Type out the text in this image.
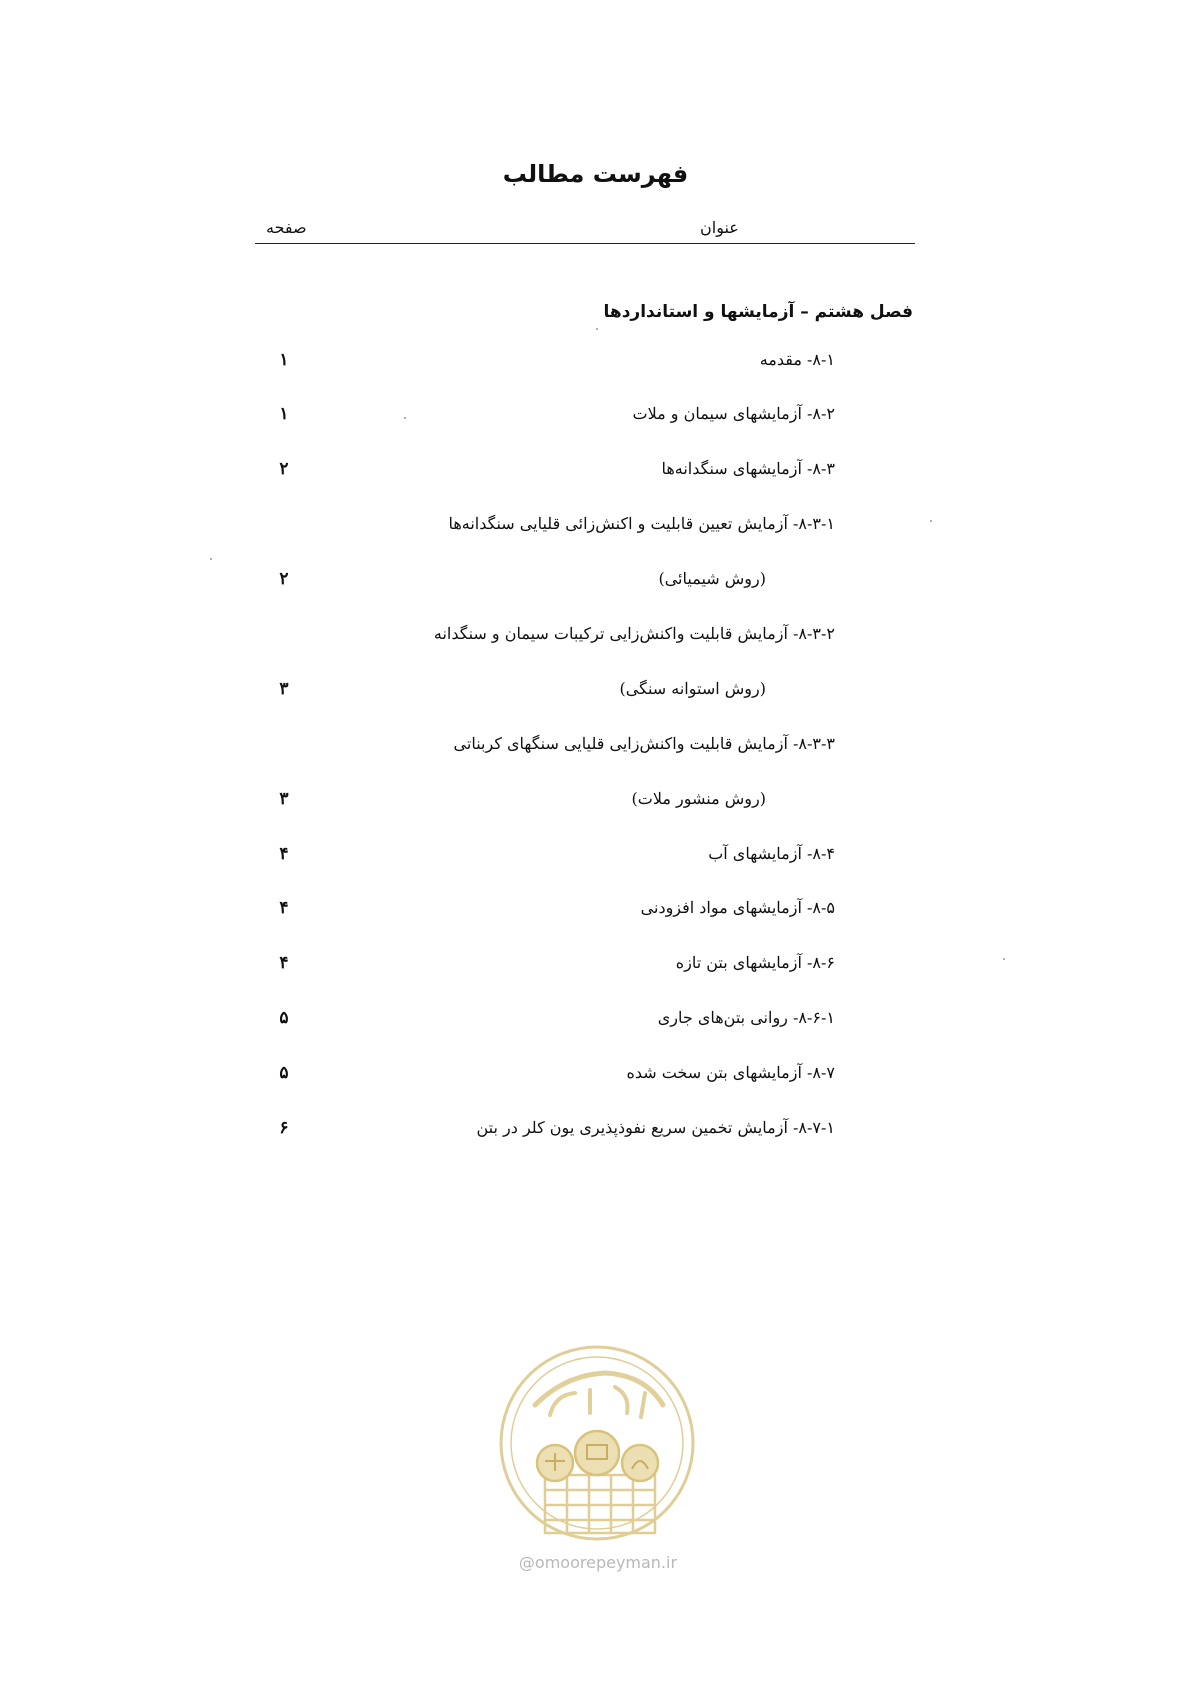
فهرست مطالب
عنوان
صفحه
فصل هشتم – آزمایشها و استانداردها
۸-۱- مقدمه
۱
۸-۲- آزمایشهای سیمان و ملات
۱
۸-۳- آزمایشهای سنگدانه‌ها
۲
۸-۳-۱- آزمایش تعیین قابلیت و اکنش‌زائی قلیایی سنگدانه‌ها
(روش شیمیائی)
۲
۸-۳-۲- آزمایش قابلیت واکنش‌زایی ترکیبات سیمان و سنگدانه
(روش استوانه سنگی)
۳
۸-۳-۳- آزمایش قابلیت واکنش‌زایی قلیایی سنگهای کربناتی
(روش منشور ملات)
۳
۸-۴- آزمایشهای آب
۴
۸-۵- آزمایشهای مواد افزودنی
۴
۸-۶- آزمایشهای بتن تازه
۴
۸-۶-۱- روانی بتن‌های جاری
۵
۸-۷- آزمایشهای بتن سخت شده
۵
۸-۷-۱- آزمایش تخمین سریع نفوذپذیری یون کلر در بتن
۶
@omoorepeyman.ir
